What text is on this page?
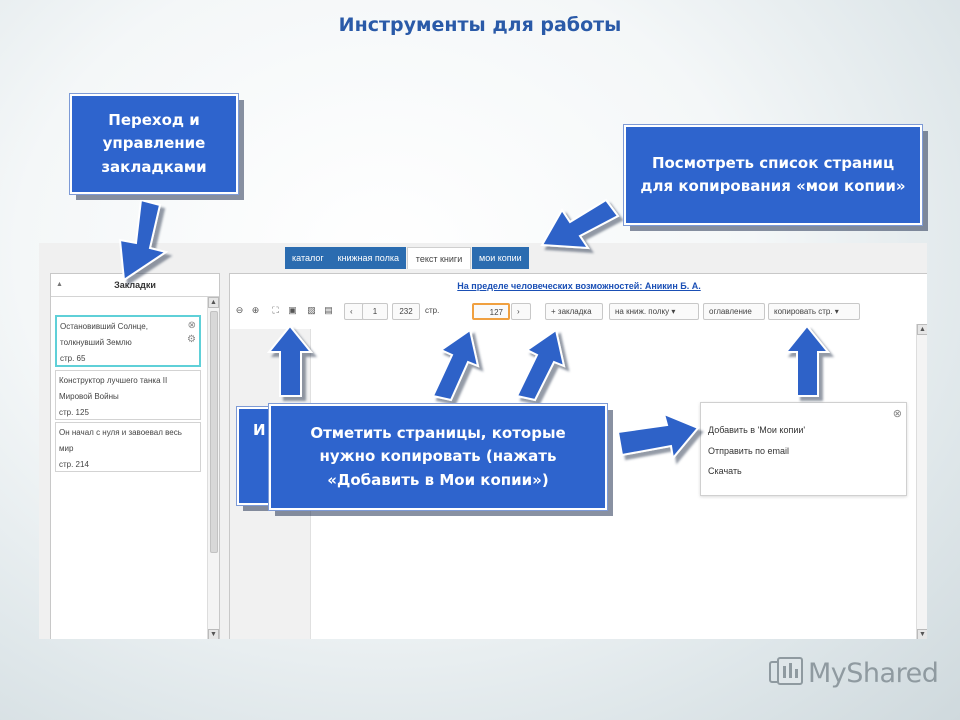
Инструменты для работы
каталог	книжная полка	текст книги	мои копии
▲	Закладки
Остановивший Солнце,
толкнувший Землю
стр. 65
⊗
⚙
Конструктор лучшего танка II
Мировой Войны
стр. 125
Он начал с нуля и завоевал весь
мир
стр. 214
▲
▼
На пределе человеческих возможностей: Аникин Б. А.
⊖ ⊕ ⛶ ▣ ▨ ▤	‹	1	232	стр.	127	›	+ закладка	на книж. полку ▾	оглавление	копировать стр. ▾
▲
▼
⊗
Добавить в 'Мои копии'
Отправить по email
Скачать
Переход и управление закладками	Посмотреть список страниц для копирования «мои копии»
И	Отметить страницы, которые нужно копировать (нажать «Добавить в Мои копии»)
MyShared
